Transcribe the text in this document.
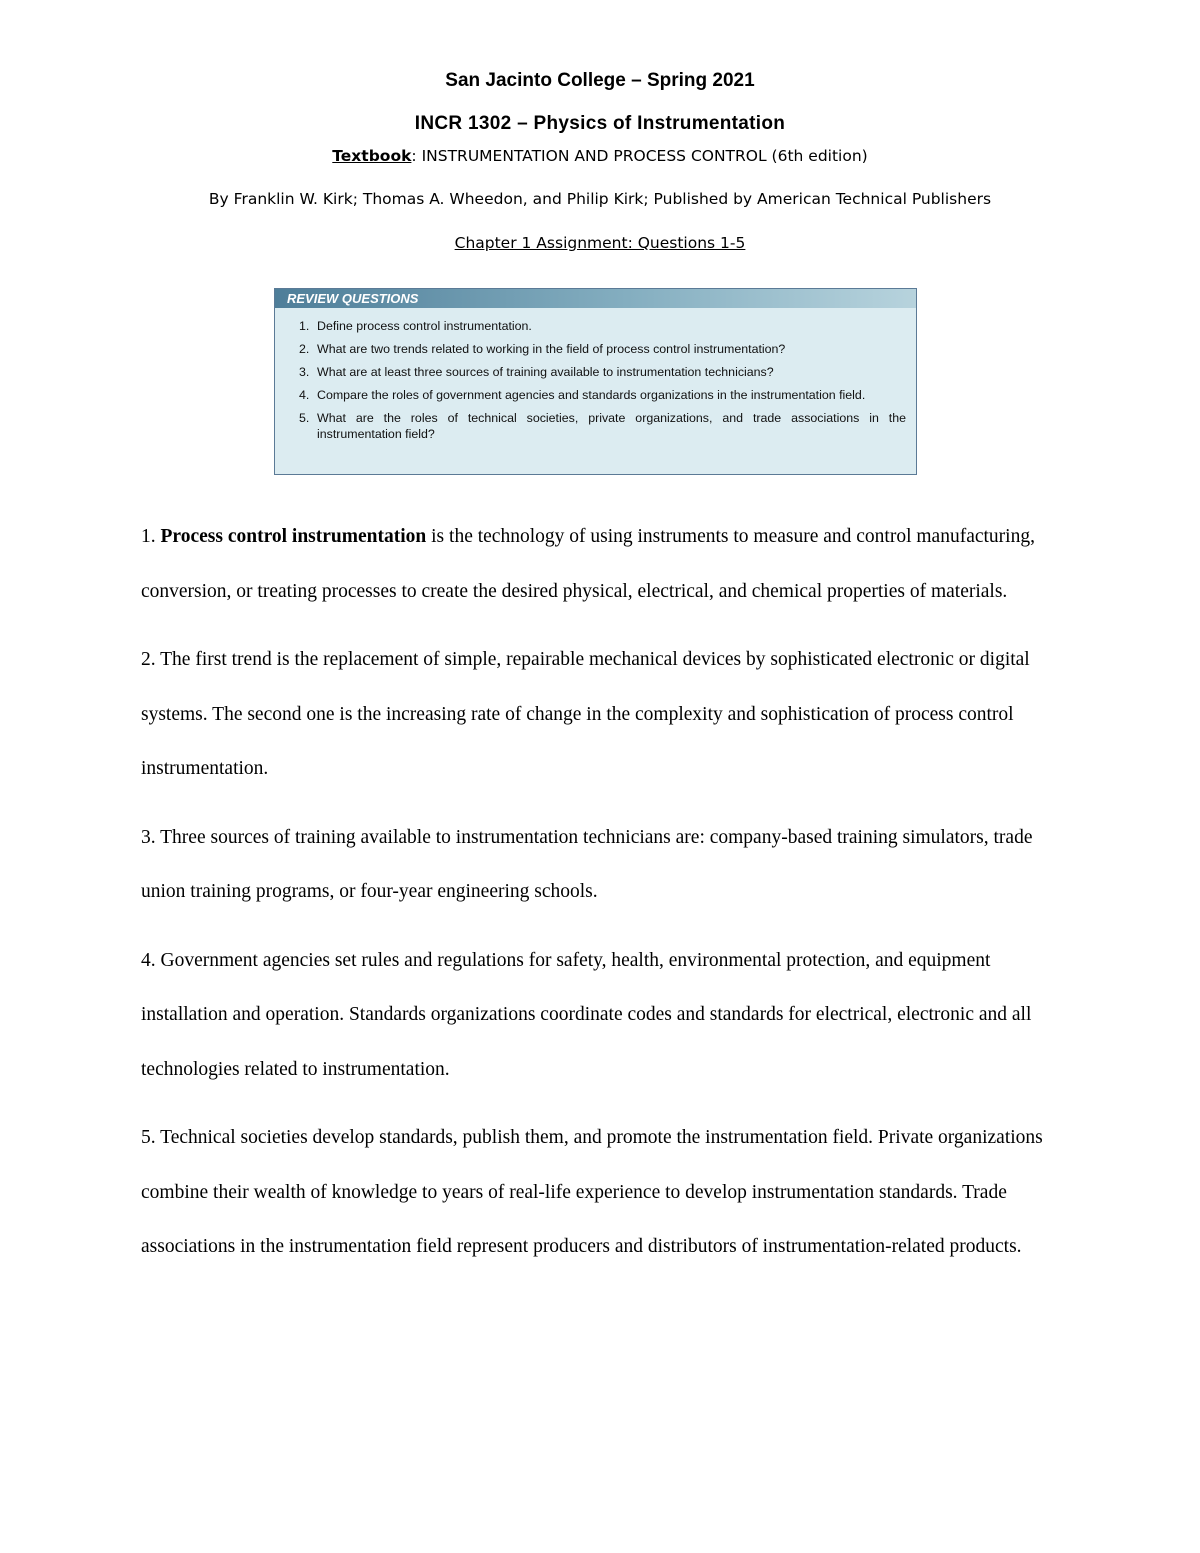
San Jacinto College – Spring 2021
INCR 1302 – Physics of Instrumentation
Textbook: INSTRUMENTATION AND PROCESS CONTROL (6th edition)
By Franklin W. Kirk; Thomas A. Wheedon, and Philip Kirk; Published by American Technical Publishers
Chapter 1 Assignment: Questions 1-5
REVIEW QUESTIONS
1. Define process control instrumentation.
2. What are two trends related to working in the field of process control instrumentation?
3. What are at least three sources of training available to instrumentation technicians?
4. Compare the roles of government agencies and standards organizations in the instrumentation field.
5. What are the roles of technical societies, private organizations, and trade associations in the instrumentation field?

1. Process control instrumentation is the technology of using instruments to measure and control manufacturing, conversion, or treating processes to create the desired physical, electrical, and chemical properties of materials.

2. The first trend is the replacement of simple, repairable mechanical devices by sophisticated electronic or digital systems. The second one is the increasing rate of change in the complexity and sophistication of process control instrumentation.

3. Three sources of training available to instrumentation technicians are: company-based training simulators, trade union training programs, or four-year engineering schools.

4. Government agencies set rules and regulations for safety, health, environmental protection, and equipment installation and operation. Standards organizations coordinate codes and standards for electrical, electronic and all technologies related to instrumentation.

5. Technical societies develop standards, publish them, and promote the instrumentation field. Private organizations combine their wealth of knowledge to years of real-life experience to develop instrumentation standards. Trade associations in the instrumentation field represent producers and distributors of instrumentation-related products.
